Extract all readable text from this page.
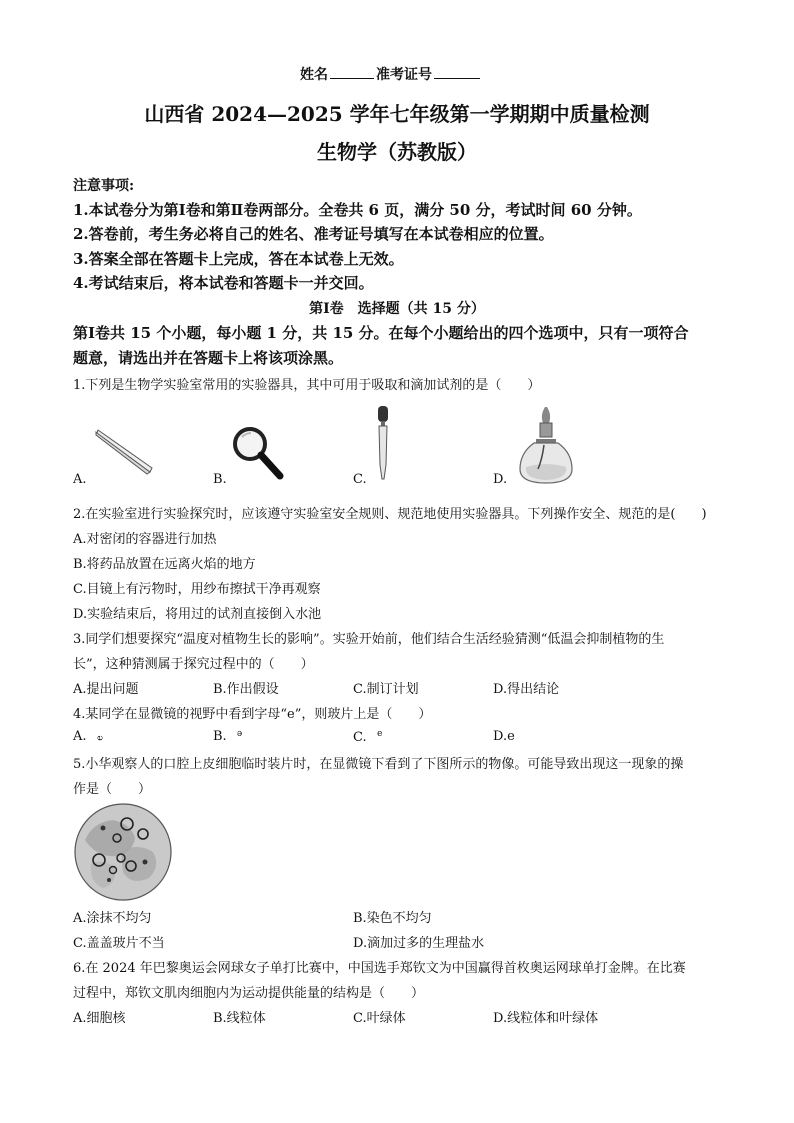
姓名	准考证号
山西省 2024—2025 学年七年级第一学期期中质量检测
生物学（苏教版）
注意事项:
1.本试卷分为第Ⅰ卷和第Ⅱ卷两部分。全卷共 6 页，满分 50 分，考试时间 60 分钟。
2.答卷前，考生务必将自己的姓名、准考证号填写在本试卷相应的位置。
3.答案全部在答题卡上完成，答在本试卷上无效。
4.考试结束后，将本试卷和答题卡一并交回。
第Ⅰ卷　选择题（共 15 分）
第Ⅰ卷共 15 个小题，每小题 1 分，共 15 分。在每个小题给出的四个选项中，只有一项符合
题意，请选出并在答题卡上将该项涂黑。
1.下列是生物学实验室常用的实验器具，其中可用于吸取和滴加试剂的是（　　）
A.	B.	C.	D.
2.在实验室进行实验探究时，应该遵守实验室安全规则、规范地使用实验器具。下列操作安全、规范的是(　　)
A.对密闭的容器进行加热
B.将药品放置在远离火焰的地方
C.目镜上有污物时，用纱布擦拭干净再观察
D.实验结束后，将用过的试剂直接倒入水池
3.同学们想要探究“温度对植物生长的影响”。实验开始前，他们结合生活经验猜测“低温会抑制植物的生
长”，这种猜测属于探究过程中的（　　）
A.提出问题	B.作出假设	C.制订计划	D.得出结论
4.某同学在显微镜的视野中看到字母“e”，则玻片上是（　　）
A. ə	B. ə	C. ɘ	D.e
5.小华观察人的口腔上皮细胞临时装片时，在显微镜下看到了下图所示的物像。可能导致出现这一现象的操
作是（　　）
A.涂抹不均匀	B.染色不均匀
C.盖盖玻片不当	D.滴加过多的生理盐水
6.在 2024 年巴黎奥运会网球女子单打比赛中，中国选手郑钦文为中国赢得首枚奥运网球单打金牌。在比赛
过程中，郑钦文肌肉细胞内为运动提供能量的结构是（　　）
A.细胞核	B.线粒体	C.叶绿体	D.线粒体和叶绿体
